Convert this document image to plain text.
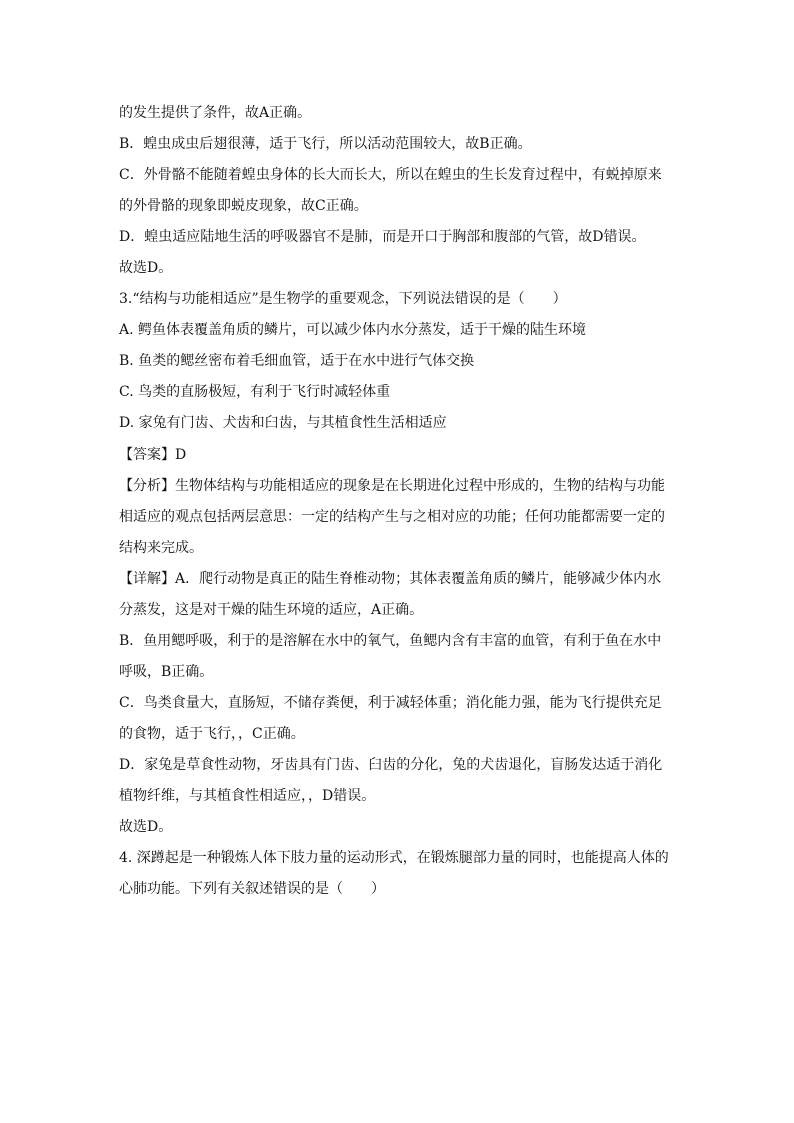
的发生提供了条件，故A正确。
B．蝗虫成虫后翅很薄，适于飞行，所以活动范围较大，故B正确。
C．外骨骼不能随着蝗虫身体的长大而长大，所以在蝗虫的生长发育过程中，有蜕掉原来
的外骨骼的现象即蜕皮现象，故C正确。
D．蝗虫适应陆地生活的呼吸器官不是肺，而是开口于胸部和腹部的气管，故D错误。
故选D。
3.“结构与功能相适应”是生物学的重要观念，下列说法错误的是（　　）
A. 鳄鱼体表覆盖角质的鳞片，可以减少体内水分蒸发，适于干燥的陆生环境
B. 鱼类的鳃丝密布着毛细血管，适于在水中进行气体交换
C. 鸟类的直肠极短，有利于飞行时减轻体重
D. 家兔有门齿、犬齿和臼齿，与其植食性生活相适应
【答案】D
【分析】生物体结构与功能相适应的现象是在长期进化过程中形成的，生物的结构与功能
相适应的观点包括两层意思：一定的结构产生与之相对应的功能；任何功能都需要一定的
结构来完成。
【详解】A．爬行动物是真正的陆生脊椎动物；其体表覆盖角质的鳞片，能够减少体内水
分蒸发，这是对干燥的陆生环境的适应，A正确。
B．鱼用鳃呼吸，利于的是溶解在水中的氧气，鱼鳃内含有丰富的血管，有利于鱼在水中
呼吸，B正确。
C．鸟类食量大，直肠短，不储存粪便，利于减轻体重；消化能力强，能为飞行提供充足
的食物，适于飞行，，C正确。
D．家兔是草食性动物，牙齿具有门齿、臼齿的分化，兔的犬齿退化，盲肠发达适于消化
植物纤维，与其植食性相适应，，D错误。
故选D。
4. 深蹲起是一种锻炼人体下肢力量的运动形式，在锻炼腿部力量的同时，也能提高人体的
心肺功能。下列有关叙述错误的是（　　）
